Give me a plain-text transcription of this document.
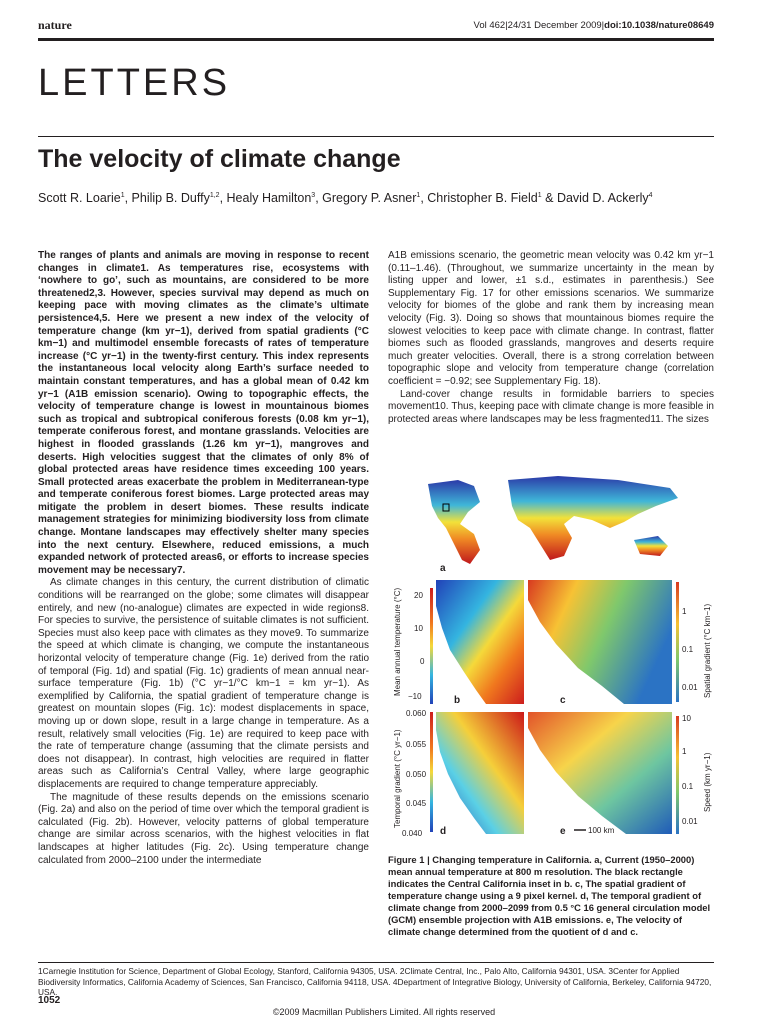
nature	Vol 462|24/31 December 2009|doi:10.1038/nature08649
LETTERS
The velocity of climate change
Scott R. Loarie$^1$, Philip B. Duffy$^{1,2}$, Healy Hamilton$^3$, Gregory P. Asner$^1$, Christopher B. Field$^1$ & David D. Ackerly$^4$

The ranges of plants and animals are moving in response to recent changes in climate1. As temperatures rise, ecosystems with ‘nowhere to go’, such as mountains, are considered to be more threatened2,3. However, species survival may depend as much on keeping pace with moving climates as the climate’s ultimate persistence4,5. Here we present a new index of the velocity of temperature change (km yr−1), derived from spatial gradients (°C km−1) and multimodel ensemble forecasts of rates of temperature increase (°C yr−1) in the twenty-first century. This index represents the instantaneous local velocity along Earth’s surface needed to maintain constant temperatures, and has a global mean of 0.42 km yr−1 (A1B emission scenario). Owing to topographic effects, the velocity of temperature change is lowest in mountainous biomes such as tropical and subtropical coniferous forests (0.08 km yr−1), temperate coniferous forest, and montane grasslands. Velocities are highest in flooded grasslands (1.26 km yr−1), mangroves and deserts. High velocities suggest that the climates of only 8% of global protected areas have residence times exceeding 100 years. Small protected areas exacerbate the problem in Mediterranean-type and temperate coniferous forest biomes. Large protected areas may mitigate the problem in desert biomes. These results indicate management strategies for minimizing biodiversity loss from climate change. Montane landscapes may effectively shelter many species into the next century. Elsewhere, reduced emissions, a much expanded network of protected areas6, or efforts to increase species movement may be necessary7.

As climate changes in this century, the current distribution of climatic conditions will be rearranged on the globe; some climates will disappear entirely, and new (no-analogue) climates are expected in wide regions8. For species to survive, the persistence of suitable climates is not sufficient. Species must also keep pace with climates as they move9. To summarize the speed at which climate is changing, we compute the instantaneous horizontal velocity of temperature change (Fig. 1e) derived from the ratio of temporal (Fig. 1d) and spatial (Fig. 1c) gradients of mean annual near-surface temperature (Fig. 1b) (°C yr−1/°C km−1 = km yr−1). As exemplified by California, the spatial gradient of temperature change is greatest on mountain slopes (Fig. 1c): modest displacements in space, moving up or down slope, result in a large change in temperature. As a result, relatively small velocities (Fig. 1e) are required to keep pace with the rate of temperature change (assuming that the climate persists and does not disappear). In contrast, high velocities are required in flatter areas such as California’s Central Valley, where large geographic displacements are required to change temperature appreciably.

The magnitude of these results depends on the emissions scenario (Fig. 2a) and also on the period of time over which the temporal gradient is calculated (Fig. 2b). However, velocity patterns of global temperature change are similar across scenarios, with the highest velocities in flat landscapes at higher latitudes (Fig. 2c). Using temperature change calculated from 2000–2100 under the intermediate

A1B emissions scenario, the geometric mean velocity was 0.42 km yr−1 (0.11–1.46). (Throughout, we summarize uncertainty in the mean by listing upper and lower, ±1 s.d., estimates in parenthesis.) See Supplementary Fig. 17 for other emissions scenarios. We summarize velocity for biomes of the globe and rank them by increasing mean velocity (Fig. 3). Doing so shows that mountainous biomes require the slowest velocities to keep pace with climate change. In contrast, flatter biomes such as flooded grasslands, mangroves and deserts require much greater velocities. Overall, there is a strong correlation between topographic slope and velocity from temperature change (correlation coefficient = −0.92; see Supplementary Fig. 18).

Land-cover change results in formidable barriers to species movement10. Thus, keeping pace with climate change is more feasible in protected areas where landscapes may be less fragmented11. The sizes

a
20
10
0
−10
Mean annual temperature (°C)
b	c
1
0.1
0.01 Spatial gradient (°C km−1)
0.060
0.055
0.050
0.045
0.040
Temporal gradient (°C yr−1)
d	e	100 km
10
1
0.1
0.01
Speed (km yr−1)
Figure 1 | Changing temperature in California. a, Current (1950–2000) mean annual temperature at 800 m resolution. The black rectangle indicates the Central California inset in b. c, The spatial gradient of temperature change using a 9 pixel kernel. d, The temporal gradient of climate change from 2000–2099 from 0.5 °C 16 general circulation model (GCM) ensemble projection with A1B emissions. e, The velocity of climate change determined from the quotient of d and c.
1Carnegie Institution for Science, Department of Global Ecology, Stanford, California 94305, USA. 2Climate Central, Inc., Palo Alto, California 94301, USA. 3Center for Applied Biodiversity Informatics, California Academy of Sciences, San Francisco, California 94118, USA. 4Department of Integrative Biology, University of California, Berkeley, California 94720, USA.
1052
©2009 Macmillan Publishers Limited. All rights reserved
